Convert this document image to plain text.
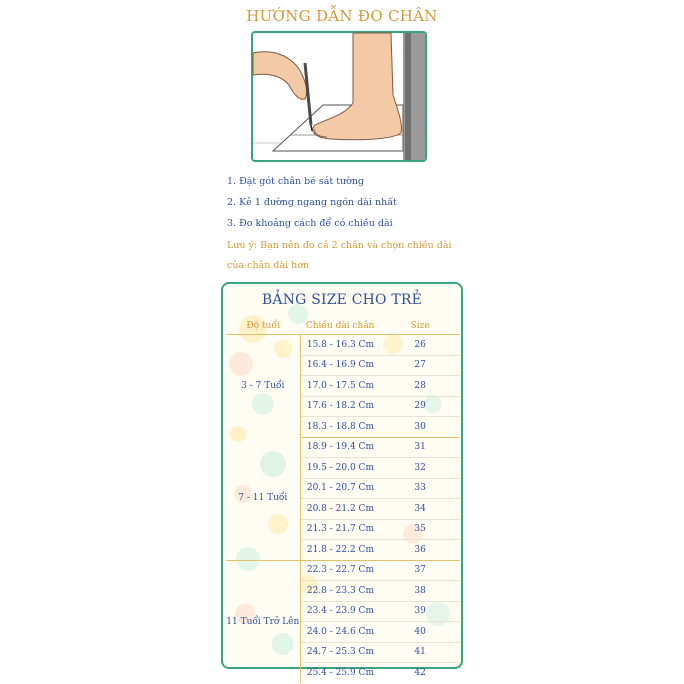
HƯỚNG DẪN ĐO CHÂN
1. Đặt gót chân bé sát tường
2. Kẻ 1 đường ngang ngón dài nhất
3. Đo khoảng cách để có chiều dài
Lưu ý: Bạn nên đo cả 2 chân và chọn chiều dài
của chân dài hơn
BẢNG SIZE CHO TRẺ
Độ tuổi	Chiều dài chân	Size
3 - 7 Tuổi	15.8 - 16.3 Cm	26
	16.4 - 16.9 Cm	27
	17.0 - 17.5 Cm	28
	17.6 - 18.2 Cm	29
	18.3 - 18.8 Cm	30
7 - 11 Tuổi	18.9 - 19.4 Cm	31
	19.5 - 20.0 Cm	32
	20.1 - 20.7 Cm	33
	20.8 - 21.2 Cm	34
	21.3 - 21.7 Cm	35
	21.8 - 22.2 Cm	36
11 Tuổi Trở Lên	22.3 - 22.7 Cm	37
	22.8 - 23.3 Cm	38
	23.4 - 23.9 Cm	39
	24.0 - 24.6 Cm	40
	24.7 - 25.3 Cm	41
	25.4 - 25.9 Cm	42
